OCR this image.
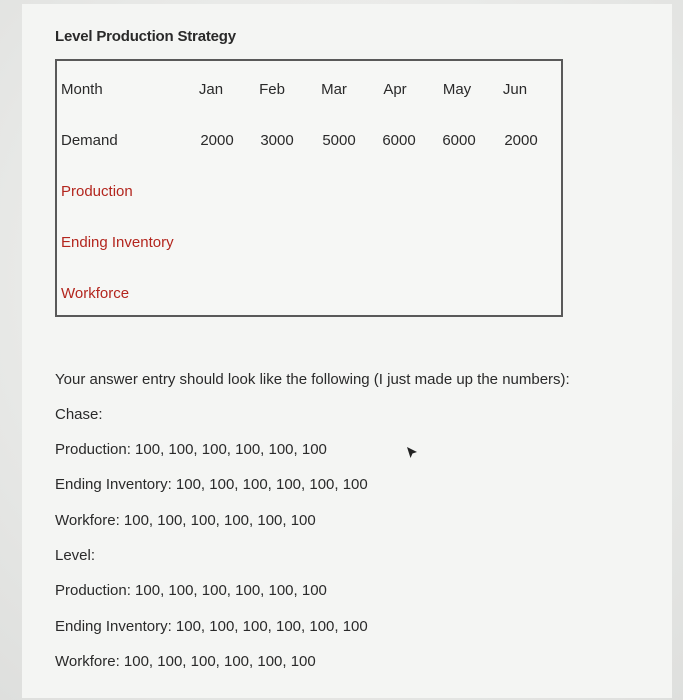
Level Production Strategy
Month	Jan	Feb	Mar	Apr	May	Jun
Demand	2000	3000	5000	6000	6000	2000
Production
Ending Inventory
Workforce
Your answer entry should look like the following (I just made up the numbers):
Chase:
Production: 100, 100, 100, 100, 100, 100
Ending Inventory: 100, 100, 100, 100, 100, 100
Workfore: 100, 100, 100, 100, 100, 100
Level:
Production: 100, 100, 100, 100, 100, 100
Ending Inventory: 100, 100, 100, 100, 100, 100
Workfore: 100, 100, 100, 100, 100, 100
